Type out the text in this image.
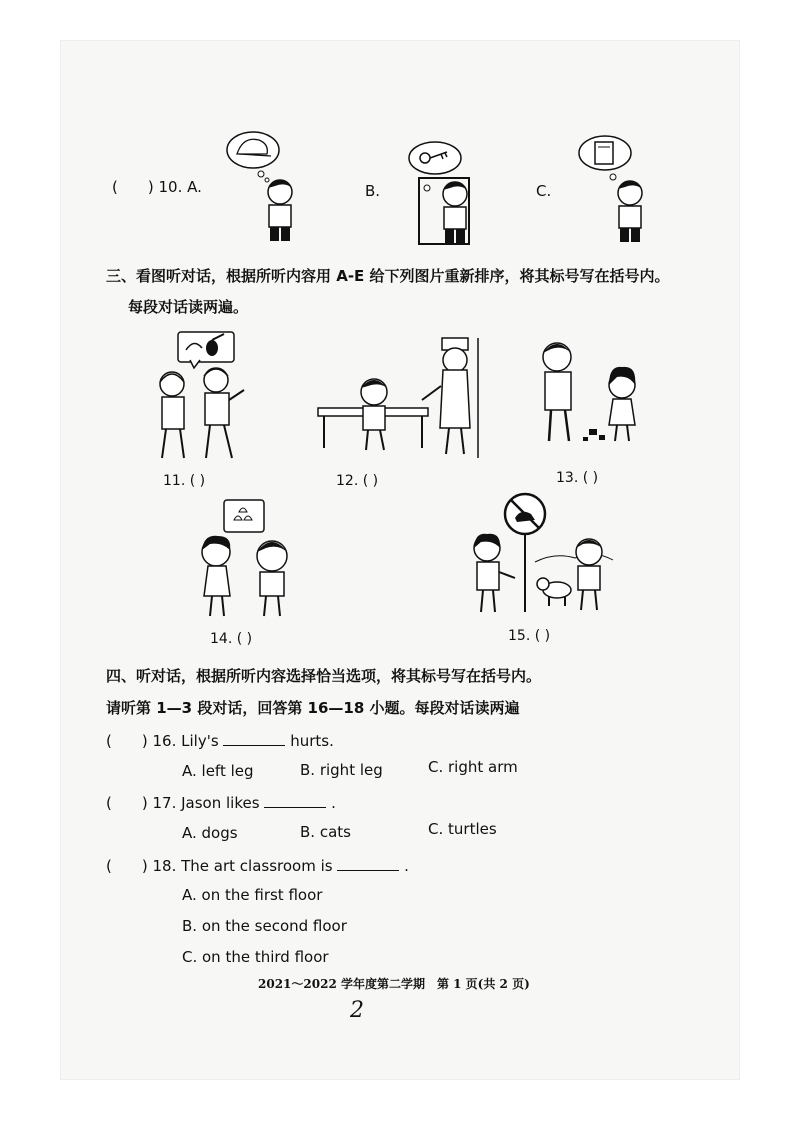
( ) 10. A.	B.	C.
三、看图听对话，根据所听内容用 A-E 给下列图片重新排序，将其标号写在括号内。
每段对话读两遍。
11. ( )	12. ( )	13. ( )
14. ( )	15. ( )
四、听对话，根据所听内容选择恰当选项，将其标号写在括号内。
请听第 1—3 段对话，回答第 16—18 小题。每段对话读两遍
( ) 16. Lily's	hurts.
A. left leg	B. right leg	C. right arm
( ) 17. Jason likes	.
A. dogs	B. cats	C. turtles
( ) 18. The art classroom is	.
A. on the first floor
B. on the second floor
C. on the third floor
2021～2022 学年度第二学期　第 1 页(共 2 页)
2
